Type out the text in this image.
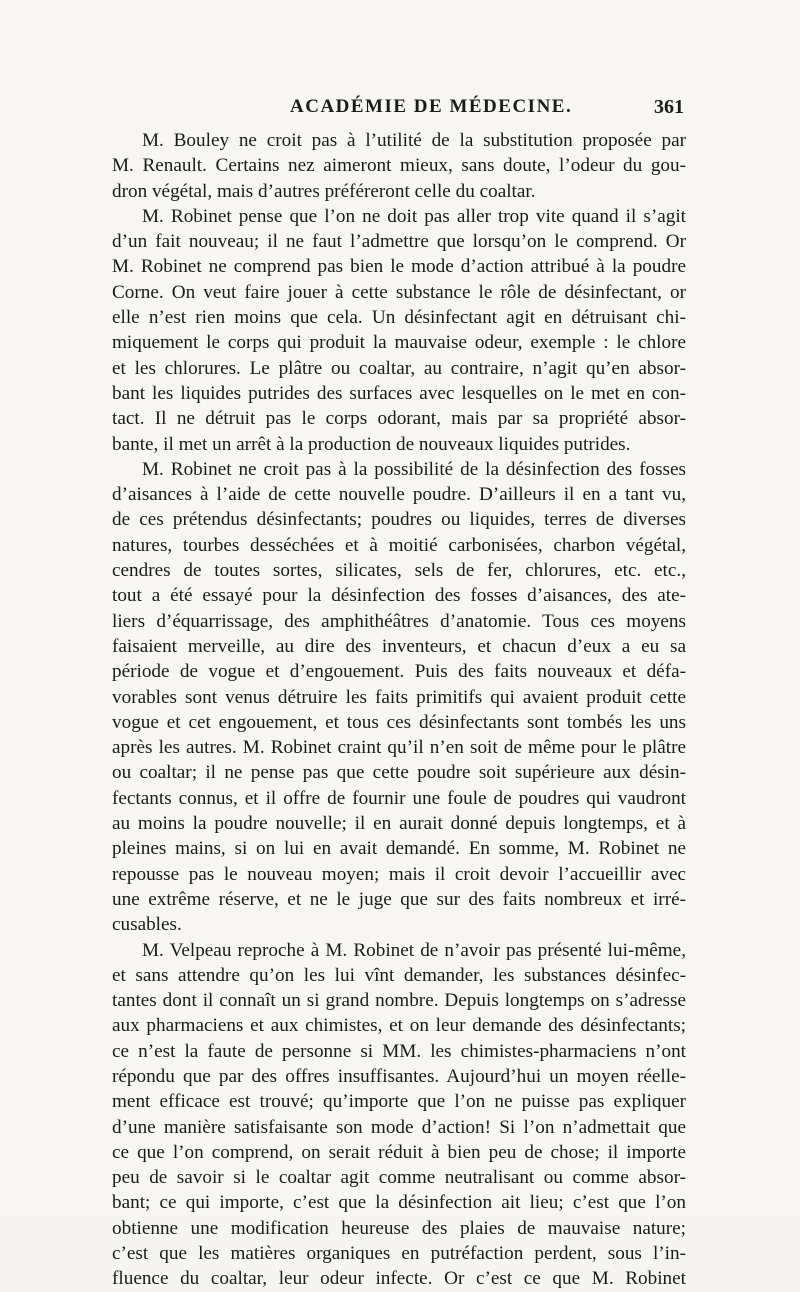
ACADÉMIE DE MÉDECINE.	361
M. Bouley ne croit pas à l’utilité de la substitution proposée par
M. Renault. Certains nez aimeront mieux, sans doute, l’odeur du gou-
dron végétal, mais d’autres préféreront celle du coaltar.
M. Robinet pense que l’on ne doit pas aller trop vite quand il s’agit
d’un fait nouveau; il ne faut l’admettre que lorsqu’on le comprend. Or
M. Robinet ne comprend pas bien le mode d’action attribué à la poudre
Corne. On veut faire jouer à cette substance le rôle de désinfectant, or
elle n’est rien moins que cela. Un désinfectant agit en détruisant chi-
miquement le corps qui produit la mauvaise odeur, exemple : le chlore
et les chlorures. Le plâtre ou coaltar, au contraire, n’agit qu’en absor-
bant les liquides putrides des surfaces avec lesquelles on le met en con-
tact. Il ne détruit pas le corps odorant, mais par sa propriété absor-
bante, il met un arrêt à la production de nouveaux liquides putrides.
M. Robinet ne croit pas à la possibilité de la désinfection des fosses
d’aisances à l’aide de cette nouvelle poudre. D’ailleurs il en a tant vu,
de ces prétendus désinfectants; poudres ou liquides, terres de diverses
natures, tourbes desséchées et à moitié carbonisées, charbon végétal,
cendres de toutes sortes, silicates, sels de fer, chlorures, etc. etc.,
tout a été essayé pour la désinfection des fosses d’aisances, des ate-
liers d’équarrissage, des amphithéâtres d’anatomie. Tous ces moyens
faisaient merveille, au dire des inventeurs, et chacun d’eux a eu sa
période de vogue et d’engouement. Puis des faits nouveaux et défa-
vorables sont venus détruire les faits primitifs qui avaient produit cette
vogue et cet engouement, et tous ces désinfectants sont tombés les uns
après les autres. M. Robinet craint qu’il n’en soit de même pour le plâtre
ou coaltar; il ne pense pas que cette poudre soit supérieure aux désin-
fectants connus, et il offre de fournir une foule de poudres qui vaudront
au moins la poudre nouvelle; il en aurait donné depuis longtemps, et à
pleines mains, si on lui en avait demandé. En somme, M. Robinet ne
repousse pas le nouveau moyen; mais il croit devoir l’accueillir avec
une extrême réserve, et ne le juge que sur des faits nombreux et irré-
cusables.
M. Velpeau reproche à M. Robinet de n’avoir pas présenté lui-même,
et sans attendre qu’on les lui vînt demander, les substances désinfec-
tantes dont il connaît un si grand nombre. Depuis longtemps on s’adresse
aux pharmaciens et aux chimistes, et on leur demande des désinfectants;
ce n’est la faute de personne si MM. les chimistes-pharmaciens n’ont
répondu que par des offres insuffisantes. Aujourd’hui un moyen réelle-
ment efficace est trouvé; qu’importe que l’on ne puisse pas expliquer
d’une manière satisfaisante son mode d’action! Si l’on n’admettait que
ce que l’on comprend, on serait réduit à bien peu de chose; il importe
peu de savoir si le coaltar agit comme neutralisant ou comme absor-
bant; ce qui importe, c’est que la désinfection ait lieu; c’est que l’on
obtienne une modification heureuse des plaies de mauvaise nature;
c’est que les matières organiques en putréfaction perdent, sous l’in-
fluence du coaltar, leur odeur infecte. Or c’est ce que M. Robinet
